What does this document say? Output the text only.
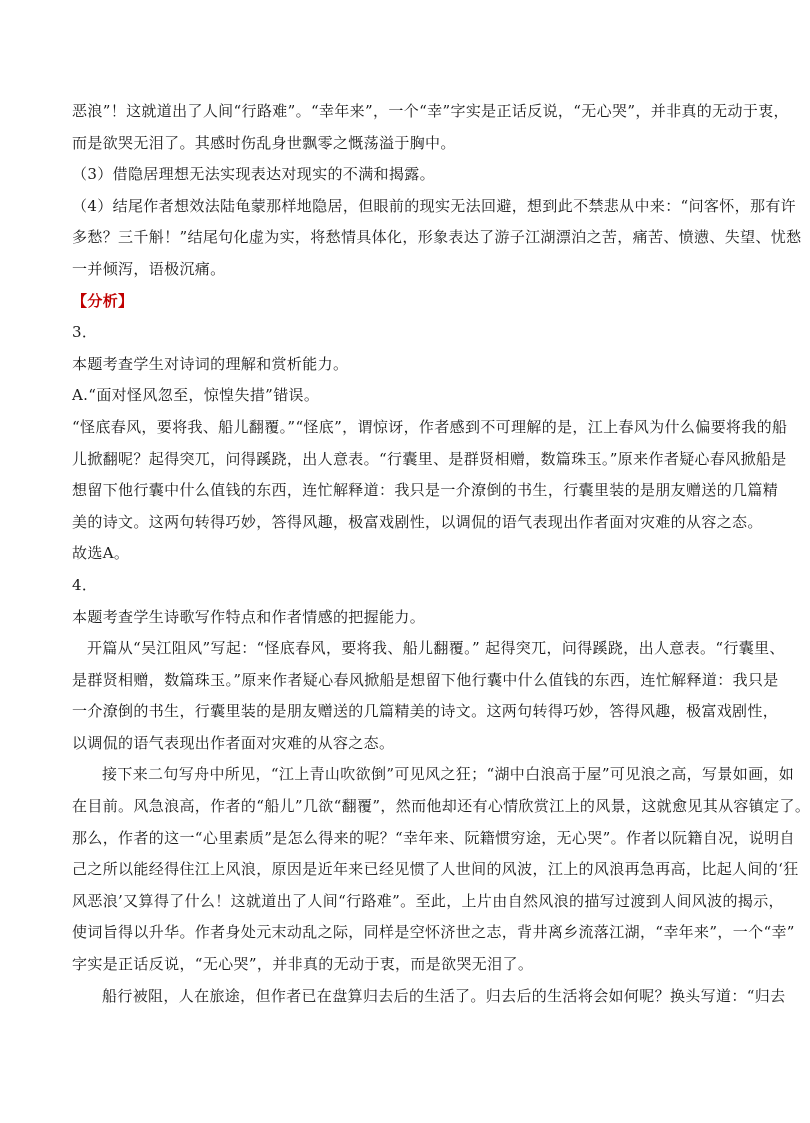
恶浪”！这就道出了人间“行路难”。“幸年来”，一个“幸”字实是正话反说，“无心哭”，并非真的无动于衷，
而是欲哭无泪了。其感时伤乱身世飘零之慨荡溢于胸中。
（3）借隐居理想无法实现表达对现实的不满和揭露。
（4）结尾作者想效法陆龟蒙那样地隐居，但眼前的现实无法回避，想到此不禁悲从中来：“问客怀，那有许
多愁？三千斛！”结尾句化虚为实，将愁情具体化，形象表达了游子江湖漂泊之苦，痛苦、愤懑、失望、忧愁
一并倾泻，语极沉痛。
【分析】
3．
本题考查学生对诗词的理解和赏析能力。
A.“面对怪风忽至，惊惶失措”错误。
“怪底春风，要将我、船儿翻覆。”“怪底”，谓惊讶，作者感到不可理解的是，江上春风为什么偏要将我的船
儿掀翻呢？起得突兀，问得蹊跷，出人意表。“行囊里、是群贤相赠，数篇珠玉。”原来作者疑心春风掀船是
想留下他行囊中什么值钱的东西，连忙解释道：我只是一介潦倒的书生，行囊里装的是朋友赠送的几篇精
美的诗文。这两句转得巧妙，答得风趣，极富戏剧性，以调侃的语气表现出作者面对灾难的从容之态。
故选A。
4．
本题考查学生诗歌写作特点和作者情感的把握能力。
开篇从“吴江阻风”写起：“怪底春风，要将我、船儿翻覆。” 起得突兀，问得蹊跷，出人意表。“行囊里、
是群贤相赠，数篇珠玉。”原来作者疑心春风掀船是想留下他行囊中什么值钱的东西，连忙解释道：我只是
一介潦倒的书生，行囊里装的是朋友赠送的几篇精美的诗文。这两句转得巧妙，答得风趣，极富戏剧性，
以调侃的语气表现出作者面对灾难的从容之态。
接下来二句写舟中所见，“江上青山吹欲倒”可见风之狂；“湖中白浪高于屋”可见浪之高，写景如画，如
在目前。风急浪高，作者的“船儿”几欲“翻覆”，然而他却还有心情欣赏江上的风景，这就愈见其从容镇定了。
那么，作者的这一“心里素质”是怎么得来的呢？“幸年来、阮籍惯穷途，无心哭”。作者以阮籍自况，说明自
己之所以能经得住江上风浪，原因是近年来已经见惯了人世间的风波，江上的风浪再急再高，比起人间的‘狂
风恶浪’又算得了什么！这就道出了人间“行路难”。至此，上片由自然风浪的描写过渡到人间风波的揭示，
使词旨得以升华。作者身处元末动乱之际，同样是空怀济世之志，背井离乡流落江湖，“幸年来”，一个“幸”
字实是正话反说，“无心哭”，并非真的无动于衷，而是欲哭无泪了。
船行被阻，人在旅途，但作者已在盘算归去后的生活了。归去后的生活将会如何呢？换头写道：“归去
